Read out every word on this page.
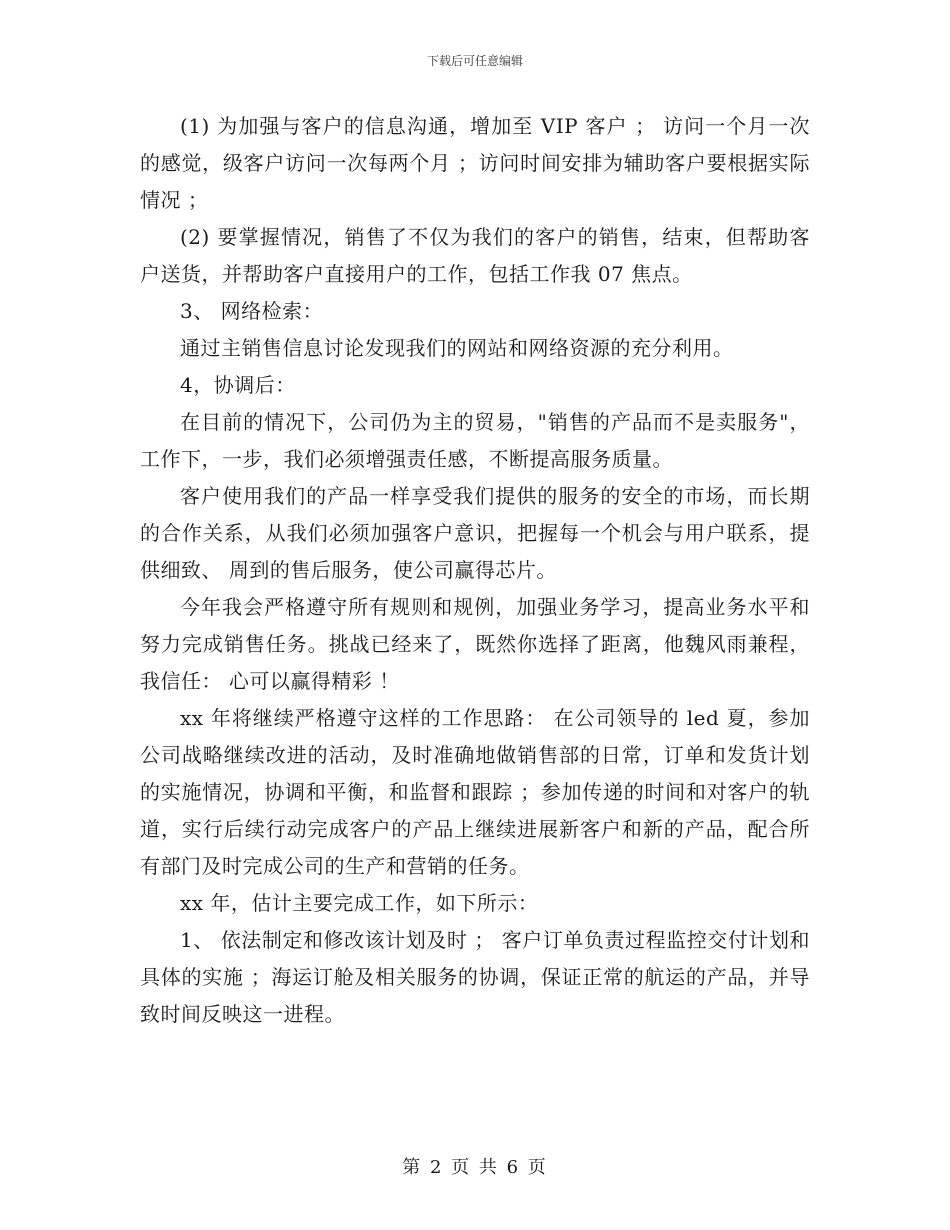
下载后可任意编辑

(1) 为加强与客户的信息沟通，增加至 VIP 客户 ； 访问一个月一次的感觉，级客户访问一次每两个月 ；访问时间安排为辅助客户要根据实际情况 ；

(2) 要掌握情况，销售了不仅为我们的客户的销售，结束，但帮助客户送货，并帮助客户直接用户的工作，包括工作我 07 焦点。

3、 网络检索：

通过主销售信息讨论发现我们的网站和网络资源的充分利用。

4，协调后：

在目前的情况下，公司仍为主的贸易，"销售的产品而不是卖服务"，工作下，一步，我们必须增强责任感，不断提高服务质量。

客户使用我们的产品一样享受我们提供的服务的安全的市场，而长期的合作关系，从我们必须加强客户意识，把握每一个机会与用户联系，提供细致、 周到的售后服务，使公司赢得芯片。

今年我会严格遵守所有规则和规例，加强业务学习，提高业务水平和努力完成销售任务。挑战已经来了，既然你选择了距离，他魏风雨兼程，我信任： 心可以赢得精彩 ！

xx 年将继续严格遵守这样的工作思路： 在公司领导的 led 夏，参加公司战略继续改进的活动，及时准确地做销售部的日常，订单和发货计划的实施情况，协调和平衡，和监督和跟踪 ；参加传递的时间和对客户的轨道，实行后续行动完成客户的产品上继续进展新客户和新的产品，配合所有部门及时完成公司的生产和营销的任务。

xx 年，估计主要完成工作，如下所示：

1、 依法制定和修改该计划及时 ； 客户订单负责过程监控交付计划和具体的实施 ；海运订舱及相关服务的协调，保证正常的航运的产品，并导致时间反映这一进程。

第 2 页 共 6 页
